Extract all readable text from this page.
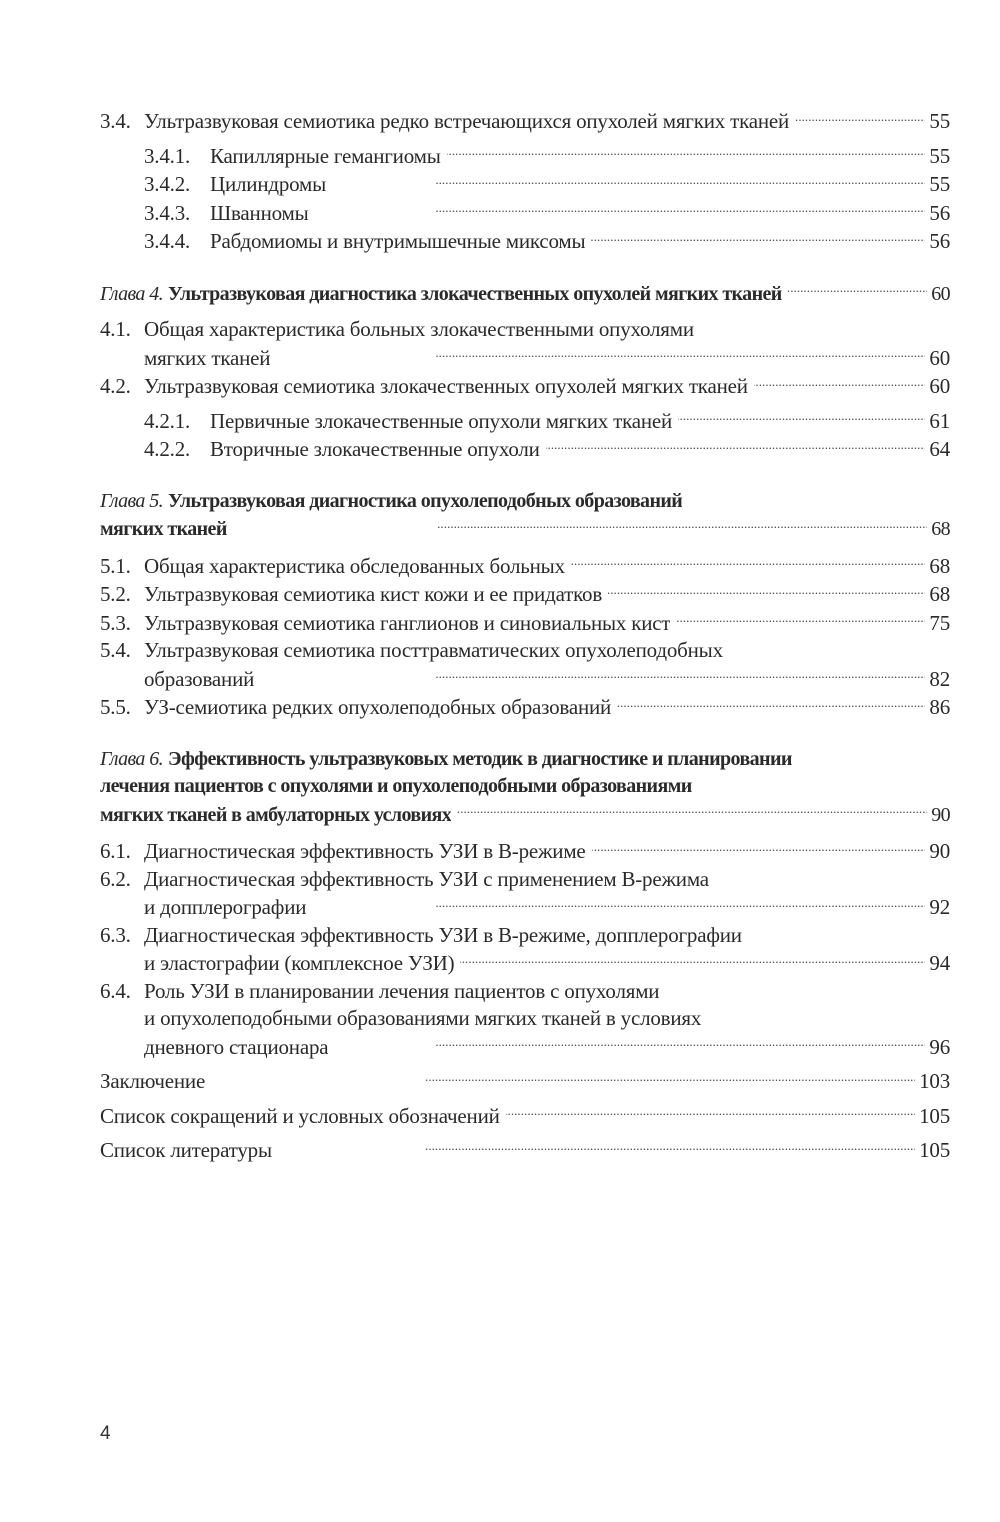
3.4. Ультразвуковая семиотика редко встречающихся опухолей мягких тканей . . .	55
3.4.1. Капиллярные гемангиомы . . .	55
3.4.2. Цилиндромы . . .	55
3.4.3. Шванномы . . .	56
3.4.4. Рабдомиомы и внутримышечные миксомы . . .	56
Глава 4. Ультразвуковая диагностика злокачественных опухолей мягких тканей . . .	60
4.1. Общая характеристика больных злокачественными опухолями
мягких тканей . . .	60
4.2. Ультразвуковая семиотика злокачественных опухолей мягких тканей . . .	60
4.2.1. Первичные злокачественные опухоли мягких тканей . . .	61
4.2.2. Вторичные злокачественные опухоли . . .	64
Глава 5. Ультразвуковая диагностика опухолеподобных образований
мягких тканей . . .	68
5.1. Общая характеристика обследованных больных . . .	68
5.2. Ультразвуковая семиотика кист кожи и ее придатков . . .	68
5.3. Ультразвуковая семиотика ганглионов и синовиальных кист . . .	75
5.4. Ультразвуковая семиотика посттравматических опухолеподобных
образований . . .	82
5.5. УЗ-семиотика редких опухолеподобных образований . . .	86
Глава 6. Эффективность ультразвуковых методик в диагностике и планировании
лечения пациентов с опухолями и опухолеподобными образованиями
мягких тканей в амбулаторных условиях . . .	90
6.1. Диагностическая эффективность УЗИ в В-режиме . . .	90
6.2. Диагностическая эффективность УЗИ с применением В-режима
и допплерографии . . .	92
6.3. Диагностическая эффективность УЗИ в В-режиме, допплерографии
и эластографии (комплексное УЗИ) . . .	94
6.4. Роль УЗИ в планировании лечения пациентов с опухолями
и опухолеподобными образованиями мягких тканей в условиях
дневного стационара . . .	96
Заключение . . .	103
Список сокращений и условных обозначений . . .	105
Список литературы . . .	105
4
